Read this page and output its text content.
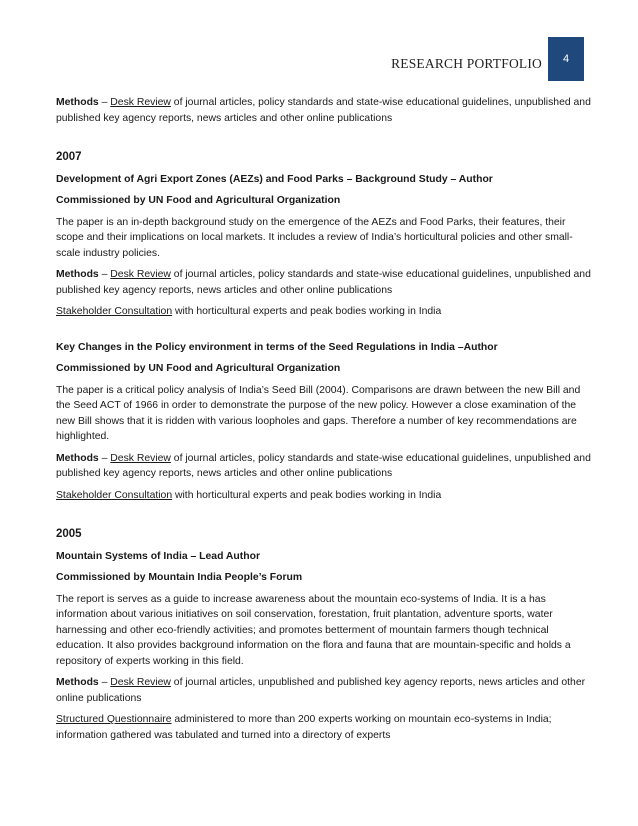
RESEARCH PORTFOLIO 4

Methods – Desk Review of journal articles, policy standards and state-wise educational guidelines, unpublished and published key agency reports, news articles and other online publications

2007

Development of Agri Export Zones (AEZs) and Food Parks – Background Study – Author

Commissioned by UN Food and Agricultural Organization

The paper is an in-depth background study on the emergence of the AEZs and Food Parks, their features, their scope and their implications on local markets. It includes a review of India’s horticultural policies and other small-scale industry policies.

Methods – Desk Review of journal articles, policy standards and state-wise educational guidelines, unpublished and published key agency reports, news articles and other online publications

Stakeholder Consultation with horticultural experts and peak bodies working in India

Key Changes in the Policy environment in terms of the Seed Regulations in India –Author

Commissioned by UN Food and Agricultural Organization

The paper is a critical policy analysis of India’s Seed Bill (2004). Comparisons are drawn between the new Bill and the Seed ACT of 1966 in order to demonstrate the purpose of the new policy. However a close examination of the new Bill shows that it is ridden with various loopholes and gaps. Therefore a number of key recommendations are highlighted.

Methods – Desk Review of journal articles, policy standards and state-wise educational guidelines, unpublished and published key agency reports, news articles and other online publications

Stakeholder Consultation with horticultural experts and peak bodies working in India

2005

Mountain Systems of India – Lead Author

Commissioned by Mountain India People’s Forum

The report is serves as a guide to increase awareness about the mountain eco-systems of India. It is a has information about various initiatives on soil conservation, forestation, fruit plantation, adventure sports, water harnessing and other eco-friendly activities; and promotes betterment of mountain farmers though technical education. It also provides background information on the flora and fauna that are mountain-specific and holds a repository of experts working in this field.

Methods – Desk Review of journal articles, unpublished and published key agency reports, news articles and other online publications

Structured Questionnaire administered to more than 200 experts working on mountain eco-systems in India; information gathered was tabulated and turned into a directory of experts
